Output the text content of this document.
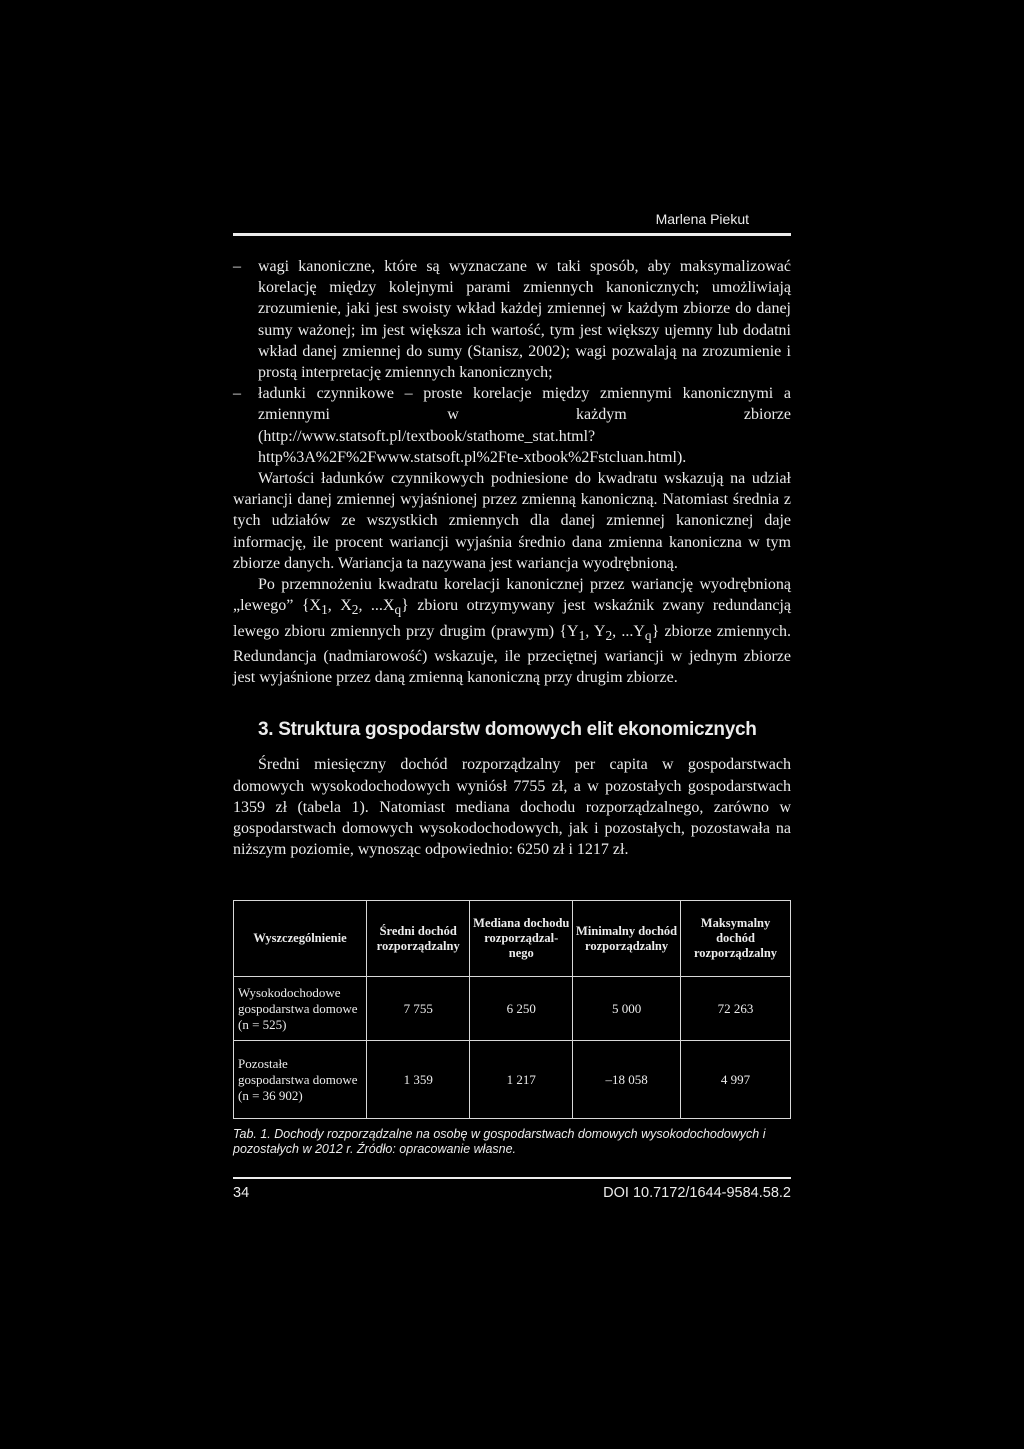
Marlena Piekut
– wagi kanoniczne, które są wyznaczane w taki sposób, aby maksymalizować korelację między kolejnymi parami zmiennych kanonicznych; umożliwiają zrozumienie, jaki jest swoisty wkład każdej zmiennej w każdym zbiorze do danej sumy ważonej; im jest większa ich wartość, tym jest większy ujemny lub dodatni wkład danej zmiennej do sumy (Stanisz, 2002); wagi pozwalają na zrozumienie i prostą interpretację zmiennych kanonicznych;
– ładunki czynnikowe – proste korelacje między zmiennymi kanonicznymi a zmiennymi w każdym zbiorze (http://www.statsoft.pl/textbook/stathome_stat.html?http%3A%2F%2Fwww.statsoft.pl%2Fte-xtbook%2Fstcluan.html).

Wartości ładunków czynnikowych podniesione do kwadratu wskazują na udział wariancji danej zmiennej wyjaśnionej przez zmienną kanoniczną. Natomiast średnia z tych udziałów ze wszystkich zmiennych dla danej zmiennej kanonicznej daje informację, ile procent wariancji wyjaśnia średnio dana zmienna kanoniczna w tym zbiorze danych. Wariancja ta nazywana jest wariancja wyodrębnioną.

Po przemnożeniu kwadratu korelacji kanonicznej przez wariancję wyodrębnioną „lewego” {$X_1$, $X_2$, $...X_q$} zbioru otrzymywany jest wskaźnik zwany redundancją lewego zbioru zmiennych przy drugim (prawym) {$Y_1$, $Y_2$, $...Y_q$} zbiorze zmiennych. Redundancja (nadmiarowość) wskazuje, ile przeciętnej wariancji w jednym zbiorze jest wyjaśnione przez daną zmienną kanoniczną przy drugim zbiorze.

3. Struktura gospodarstw domowych elit ekonomicznych

Średni miesięczny dochód rozporządzalny per capita w gospodarstwach domowych wysokodochodowych wyniósł 7755 zł, a w pozostałych gospodarstwach 1359 zł (tabela 1). Natomiast mediana dochodu rozporządzalnego, zarówno w gospodarstwach domowych wysokodochodowych, jak i pozostałych, pozostawała na niższym poziomie, wynosząc odpowiednio: 6250 zł i 1217 zł.

Wyszczególnienie	Średni dochód rozporządzalny	Mediana dochodu rozporządzal-nego	Minimalny dochód rozporządzalny	Maksymalny dochód rozporządzalny
Wysokodochodowe gospodarstwa domowe (n = 525)	7 755	6 250	5 000	72 263
Pozostałe gospodarstwa domowe (n = 36 902)	1 359	1 217	–18 058	4 997
Tab. 1. Dochody rozporządzalne na osobę w gospodarstwach domowych wysokodochodowych i pozostałych w 2012 r. Źródło: opracowanie własne.
34	DOI 10.7172/1644-9584.58.2
